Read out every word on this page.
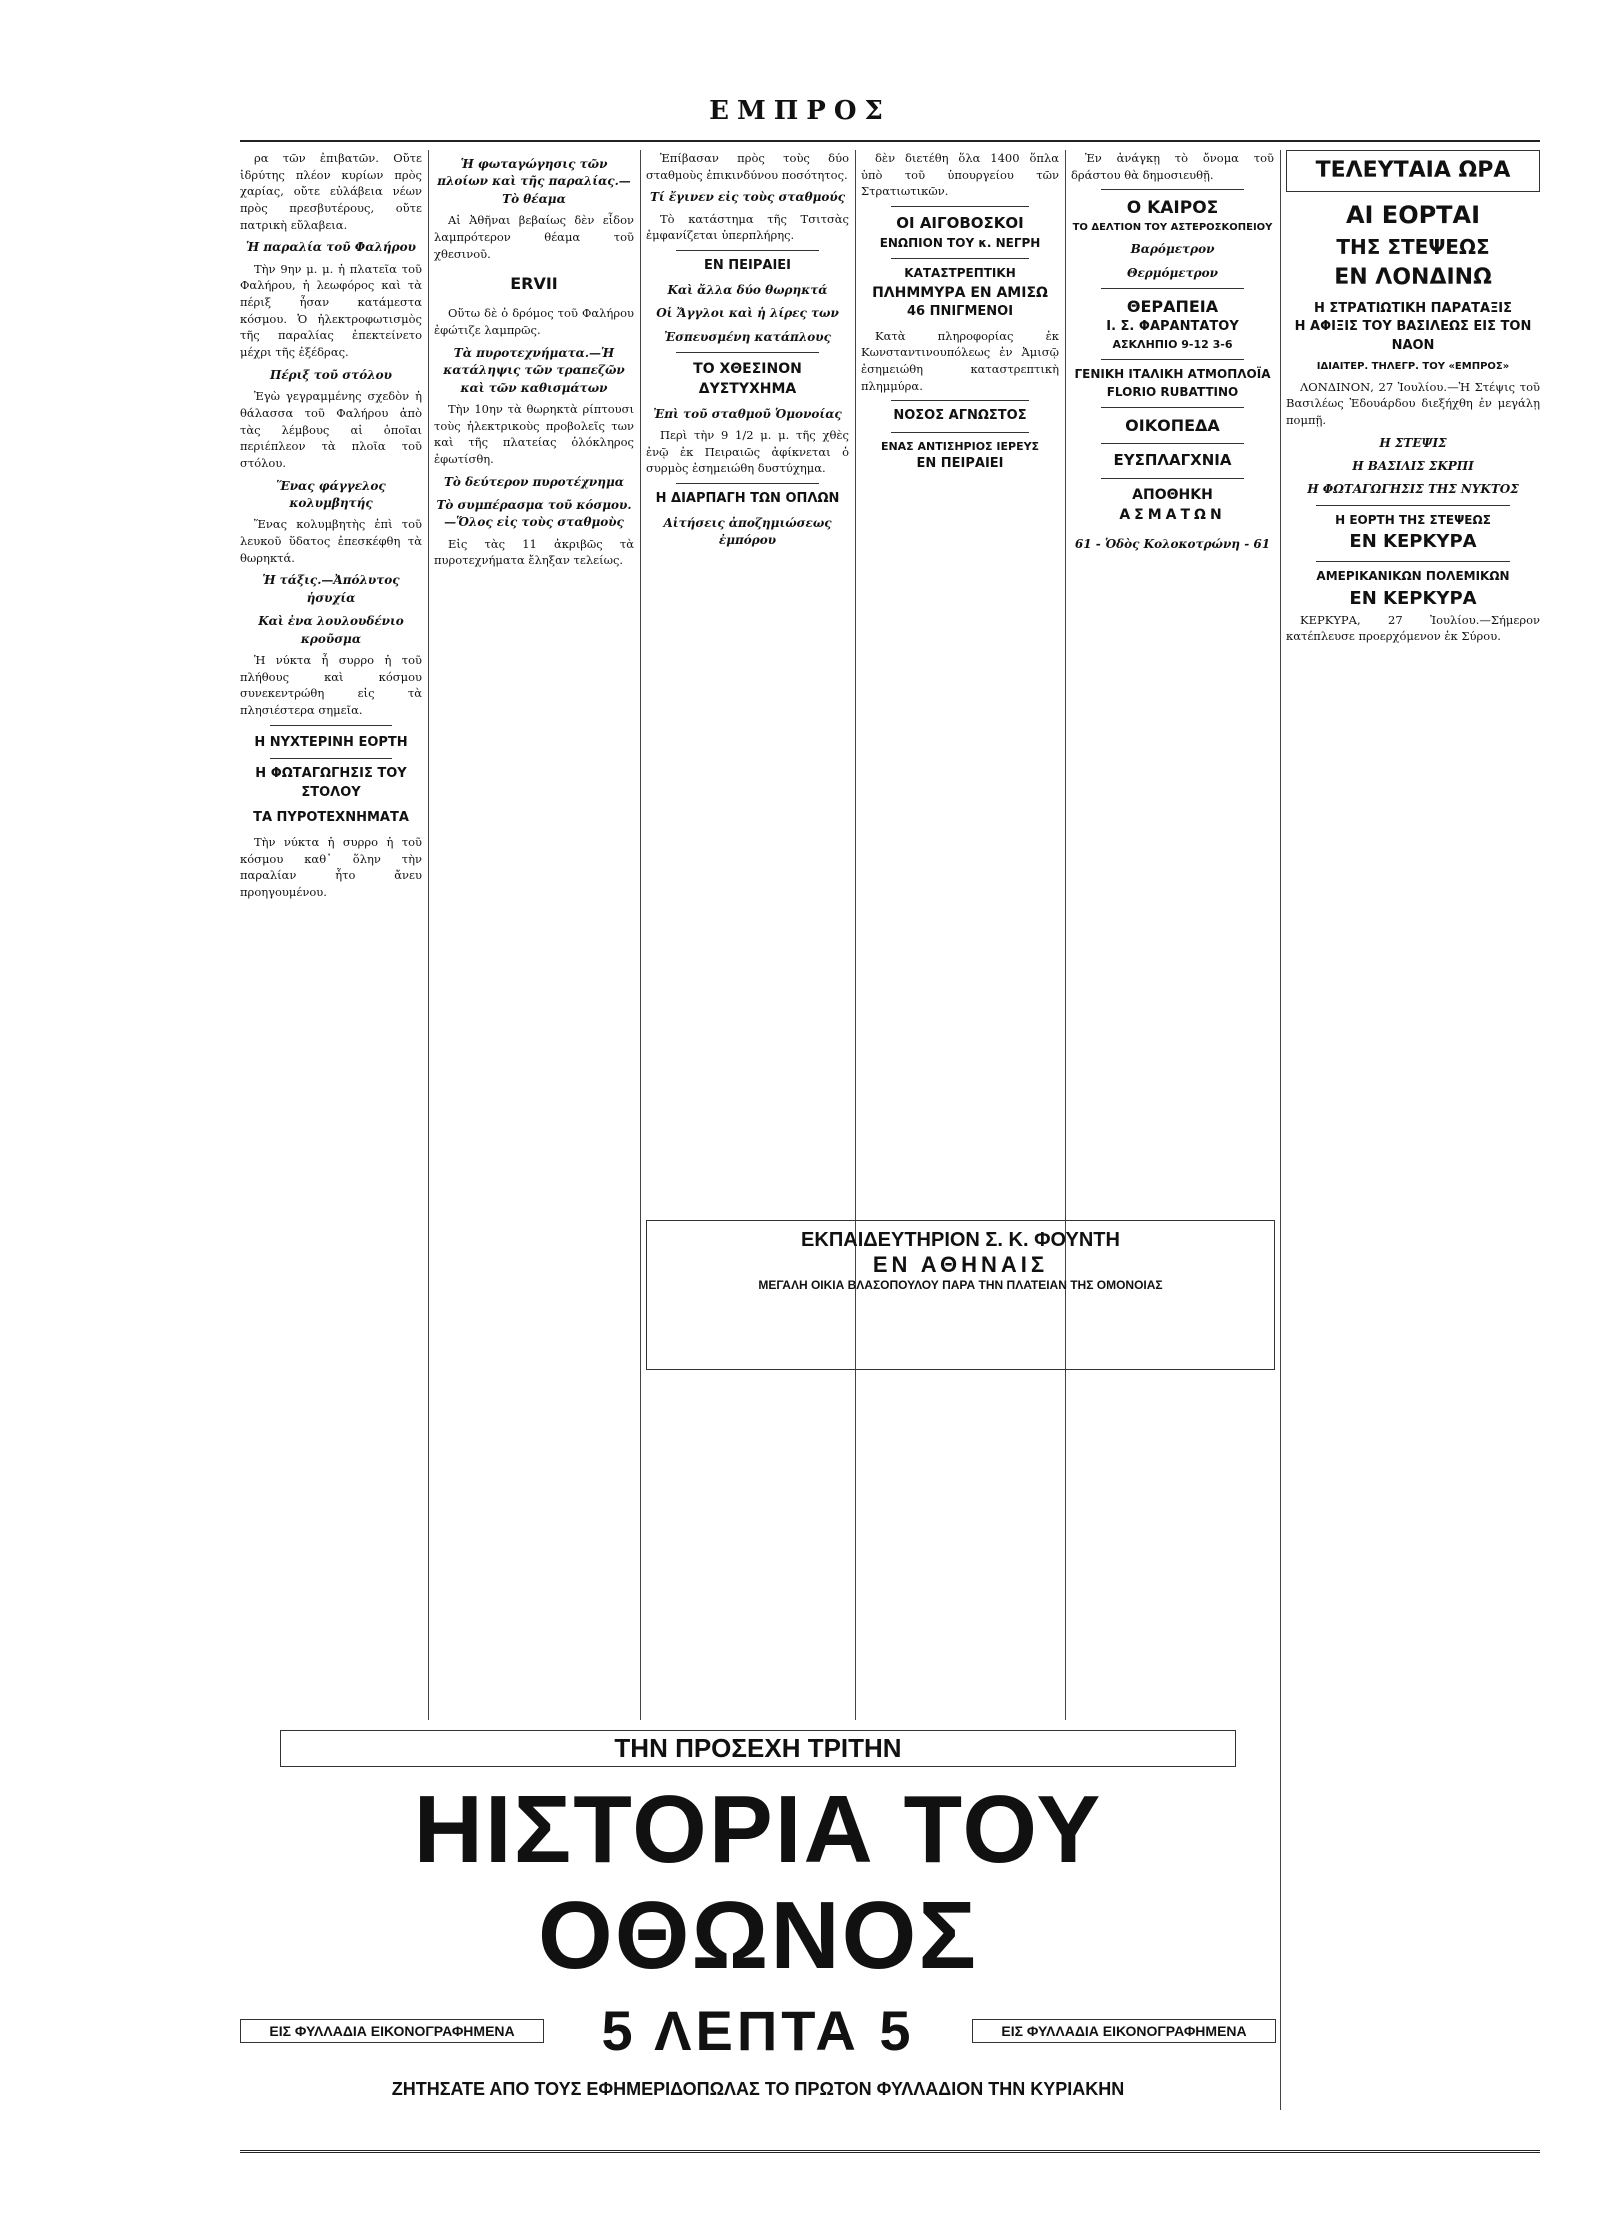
ΕΜΠΡΟΣ

ρα τῶν ἐπιβατῶν. Οὔτε ἱδρύτης πλέον κυρίων πρὸς χαρίας, οὔτε εὐλάβεια νέων πρὸς πρεσβυτέρους, οὔτε πατρικὴ εὔλαβεια.

Ἡ παραλία τοῦ Φαλήρου

Τὴν 9ην μ. μ. ἡ πλατεῖα τοῦ Φαλήρου, ἡ λεωφόρος καὶ τὰ πέριξ ἦσαν κατάμεστα κόσμου. Ὁ ἠλεκτροφωτισμὸς τῆς παραλίας ἐπεκτείνετο μέχρι τῆς ἐξέδρας.

Πέριξ τοῦ στόλου

Ἐγὼ γεγραμμένης σχεδὸν ἡ θάλασσα τοῦ Φαλήρου ἀπὸ τὰς λέμβους αἱ ὁποῖαι περιέπλεον τὰ πλοῖα τοῦ στόλου.

Ἕνας φάγγελος κολυμβητής

Ἕνας κολυμβητὴς ἐπὶ τοῦ λευκοῦ ὕδατος ἐπεσκέφθη τὰ θωρηκτά.

Ἡ τάξις.—Ἀπόλυτος ἡσυχία
Καὶ ἐνα λουλουδένιο κροῦσμα

Ἡ νύκτα ἦ συρρο ἡ τοῦ πλήθους καὶ κόσμου συνεκεντρώθη εἰς τὰ πλησιέστερα σημεῖα.

Η ΝΥΧΤΕΡΙΝΗ ΕΟΡΤΗ
Η ΦΩΤΑΓΩΓΗΣΙΣ ΤΟΥ ΣΤΟΛΟΥ
ΤΑ ΠΥΡΟΤΕΧΝΗΜΑΤΑ

Τὴν νύκτα ἡ συρρο ἡ τοῦ κόσμου καθ᾽ ὅλην τὴν παραλίαν ἦτο ἄνευ προηγουμένου.

Ἡ φωταγώγησις τῶν πλοίων καὶ τῆς παραλίας.—Τὸ θέαμα

Αἱ Ἀθῆναι βεβαίως δὲν εἶδον λαμπρότερον θέαμα τοῦ χθεσινοῦ.

ΕRVΙΙ

Οὕτω δὲ ὁ δρόμος τοῦ Φαλήρου ἐφώτιζε λαμπρῶς.

Τὰ πυροτεχνήματα.—Ἡ κατάληψις τῶν τραπεζῶν καὶ τῶν καθισμάτων

Τὴν 10ην τὰ θωρηκτὰ ρίπτουσι τοὺς ἠλεκτρικοὺς προβολεῖς των καὶ τῆς πλατείας ὁλόκληρος ἐφωτίσθη.

Τὸ δεύτερον πυροτέχνημα
Τὸ συμπέρασμα τοῦ κόσμου.—Ὅλος εἰς τοὺς σταθμοὺς

Εἰς τὰς 11 ἀκριβῶς τὰ πυροτεχνήματα ἔληξαν τελείως.

Ἐπίβασαν πρὸς τοὺς δύο σταθμοὺς ἐπικινδύνου ποσότητος.

Τί ἔγινεν εἰς τοὺς σταθμούς

Τὸ κατάστημα τῆς Τσιτσὰς ἐμφανίζεται ὑπερπλήρης.

ΕΝ ΠΕΙΡΑΙΕΙ
Καὶ ἄλλα δύο θωρηκτά
Οἱ Ἄγγλοι καὶ ἡ λίρες των
Ἐσπευσμένη κατάπλους
ΤΟ ΧΘΕΣΙΝΟΝ ΔΥΣΤΥΧΗΜΑ
Ἐπὶ τοῦ σταθμοῦ Ὁμονοίας

Περὶ τὴν 9 1/2 μ. μ. τῆς χθὲς ἐνῷ ἐκ Πειραιῶς ἀφίκνεται ὁ συρμὸς ἐσημειώθη δυστύχημα.

Η ΔΙΑΡΠΑΓΗ ΤΩΝ ΟΠΛΩΝ
Αἰτήσεις ἀποζημιώσεως ἐμπόρου

δὲν διετέθη ὅλα 1400 ὅπλα ὑπὸ τοῦ ὑπουργείου τῶν Στρατιωτικῶν.

ΟΙ ΑΙΓΟΒΟΣΚΟΙ
ΕΝΩΠΙΟΝ ΤΟΥ κ. ΝΕΓΡΗ
ΚΑΤΑΣΤΡΕΠΤΙΚΗ
ΠΛΗΜΜΥΡΑ ΕΝ ΑΜΙΣΩ
46 ΠΝΙΓΜΕΝΟΙ

Κατὰ πληροφορίας ἐκ Κωνσταντινουπόλεως ἐν Ἀμισῷ ἐσημειώθη καταστρεπτικὴ πλημμύρα.

ΝΟΣΟΣ ΑΓΝΩΣΤΟΣ
ΕΝΑΣ ΑΝΤΙΣΗΡΙΟΣ ΙΕΡΕΥΣ
ΕΝ ΠΕΙΡΑΙΕΙ

Ἐν ἀνάγκῃ τὸ ὄνομα τοῦ δράστου θὰ δημοσιευθῇ.

Ο ΚΑΙΡΟΣ
ΤΟ ΔΕΛΤΙΟΝ ΤΟΥ ΑΣΤΕΡΟΣΚΟΠΕΙΟΥ
Βαρόμετρον
Θερμόμετρον
ΘΕΡΑΠΕΙΑ
Ι. Σ. ΦΑΡΑΝΤΑΤΟΥ
ΑΣΚΛΗΠΙΟ 9-12 3-6
ΓΕΝΙΚΗ ΙΤΑΛΙΚΗ ΑΤΜΟΠΛΟΪΑ
FLORIO RUBATTINO
ΟΙΚΟΠΕΔΑ
ΕΥΣΠΛΑΓΧΝΙΑ
ΑΠΟΘΗΚΗ
ΑΣΜΑΤΩΝ
61 - Ὁδὸς Κολοκοτρώνη - 61
ΤΕΛΕΥΤΑΙΑ ΩΡΑ
ΑΙ ΕΟΡΤΑΙ
ΤΗΣ ΣΤΕΨΕΩΣ
ΕΝ ΛΟΝΔΙΝΩ
Η ΣΤΡΑΤΙΩΤΙΚΗ ΠΑΡΑΤΑΞΙΣ
Η ΑΦΙΞΙΣ ΤΟΥ ΒΑΣΙΛΕΩΣ ΕΙΣ ΤΟΝ ΝΑΟΝ
ΙΔΙΑΙΤΕΡ. ΤΗΛΕΓΡ. ΤΟΥ «ΕΜΠΡΟΣ»

ΛΟΝΔΙΝΟΝ, 27 Ἰουλίου.—Ἡ Στέψις τοῦ Βασιλέως Ἐδουάρδου διεξήχθη ἐν μεγάλῃ πομπῇ.

Η ΣΤΕΨΙΣ
Η ΒΑΣΙΛΙΣ ΣΚΡΠΙ
Η ΦΩΤΑΓΩΓΗΣΙΣ ΤΗΣ ΝΥΚΤΟΣ
Η ΕΟΡΤΗ ΤΗΣ ΣΤΕΨΕΩΣ
ΕΝ ΚΕΡΚΥΡΑ
ΑΜΕΡΙΚΑΝΙΚΩΝ ΠΟΛΕΜΙΚΩΝ
ΕΝ ΚΕΡΚΥΡΑ

ΚΕΡΚΥΡΑ, 27 Ἰουλίου.—Σήμερον κατέπλευσε προερχόμενον ἐκ Σύρου.

ΕΚΠΑΙΔΕΥΤΗΡΙΟΝ Σ. Κ. ΦΟΥΝΤΗ
ΕΝ ΑΘΗΝΑΙΣ
ΜΕΓΑΛΗ ΟΙΚΙΑ ΒΛΑΣΟΠΟΥΛΟΥ ΠΑΡΑ ΤΗΝ ΠΛΑΤΕΙΑΝ ΤΗΣ ΟΜΟΝΟΙΑΣ
ΤΗΝ ΠΡΟΣΕΧΗ ΤΡΙΤΗΝ
ΗΙΣΤΟΡΙΑ ΤΟΥ ΟΘΩΝΟΣ
ΕΙΣ ΦΥΛΛΑΔΙΑ ΕΙΚΟΝΟΓΡΑΦΗΜΕΝΑ	5 ΛΕΠΤΑ 5	ΕΙΣ ΦΥΛΛΑΔΙΑ ΕΙΚΟΝΟΓΡΑΦΗΜΕΝΑ
ΖΗΤΗΣΑΤΕ ΑΠΟ ΤΟΥΣ ΕΦΗΜΕΡΙΔΟΠΩΛΑΣ ΤΟ ΠΡΩΤΟΝ ΦΥΛΛΑΔΙΟΝ ΤΗΝ ΚΥΡΙΑΚΗΝ
